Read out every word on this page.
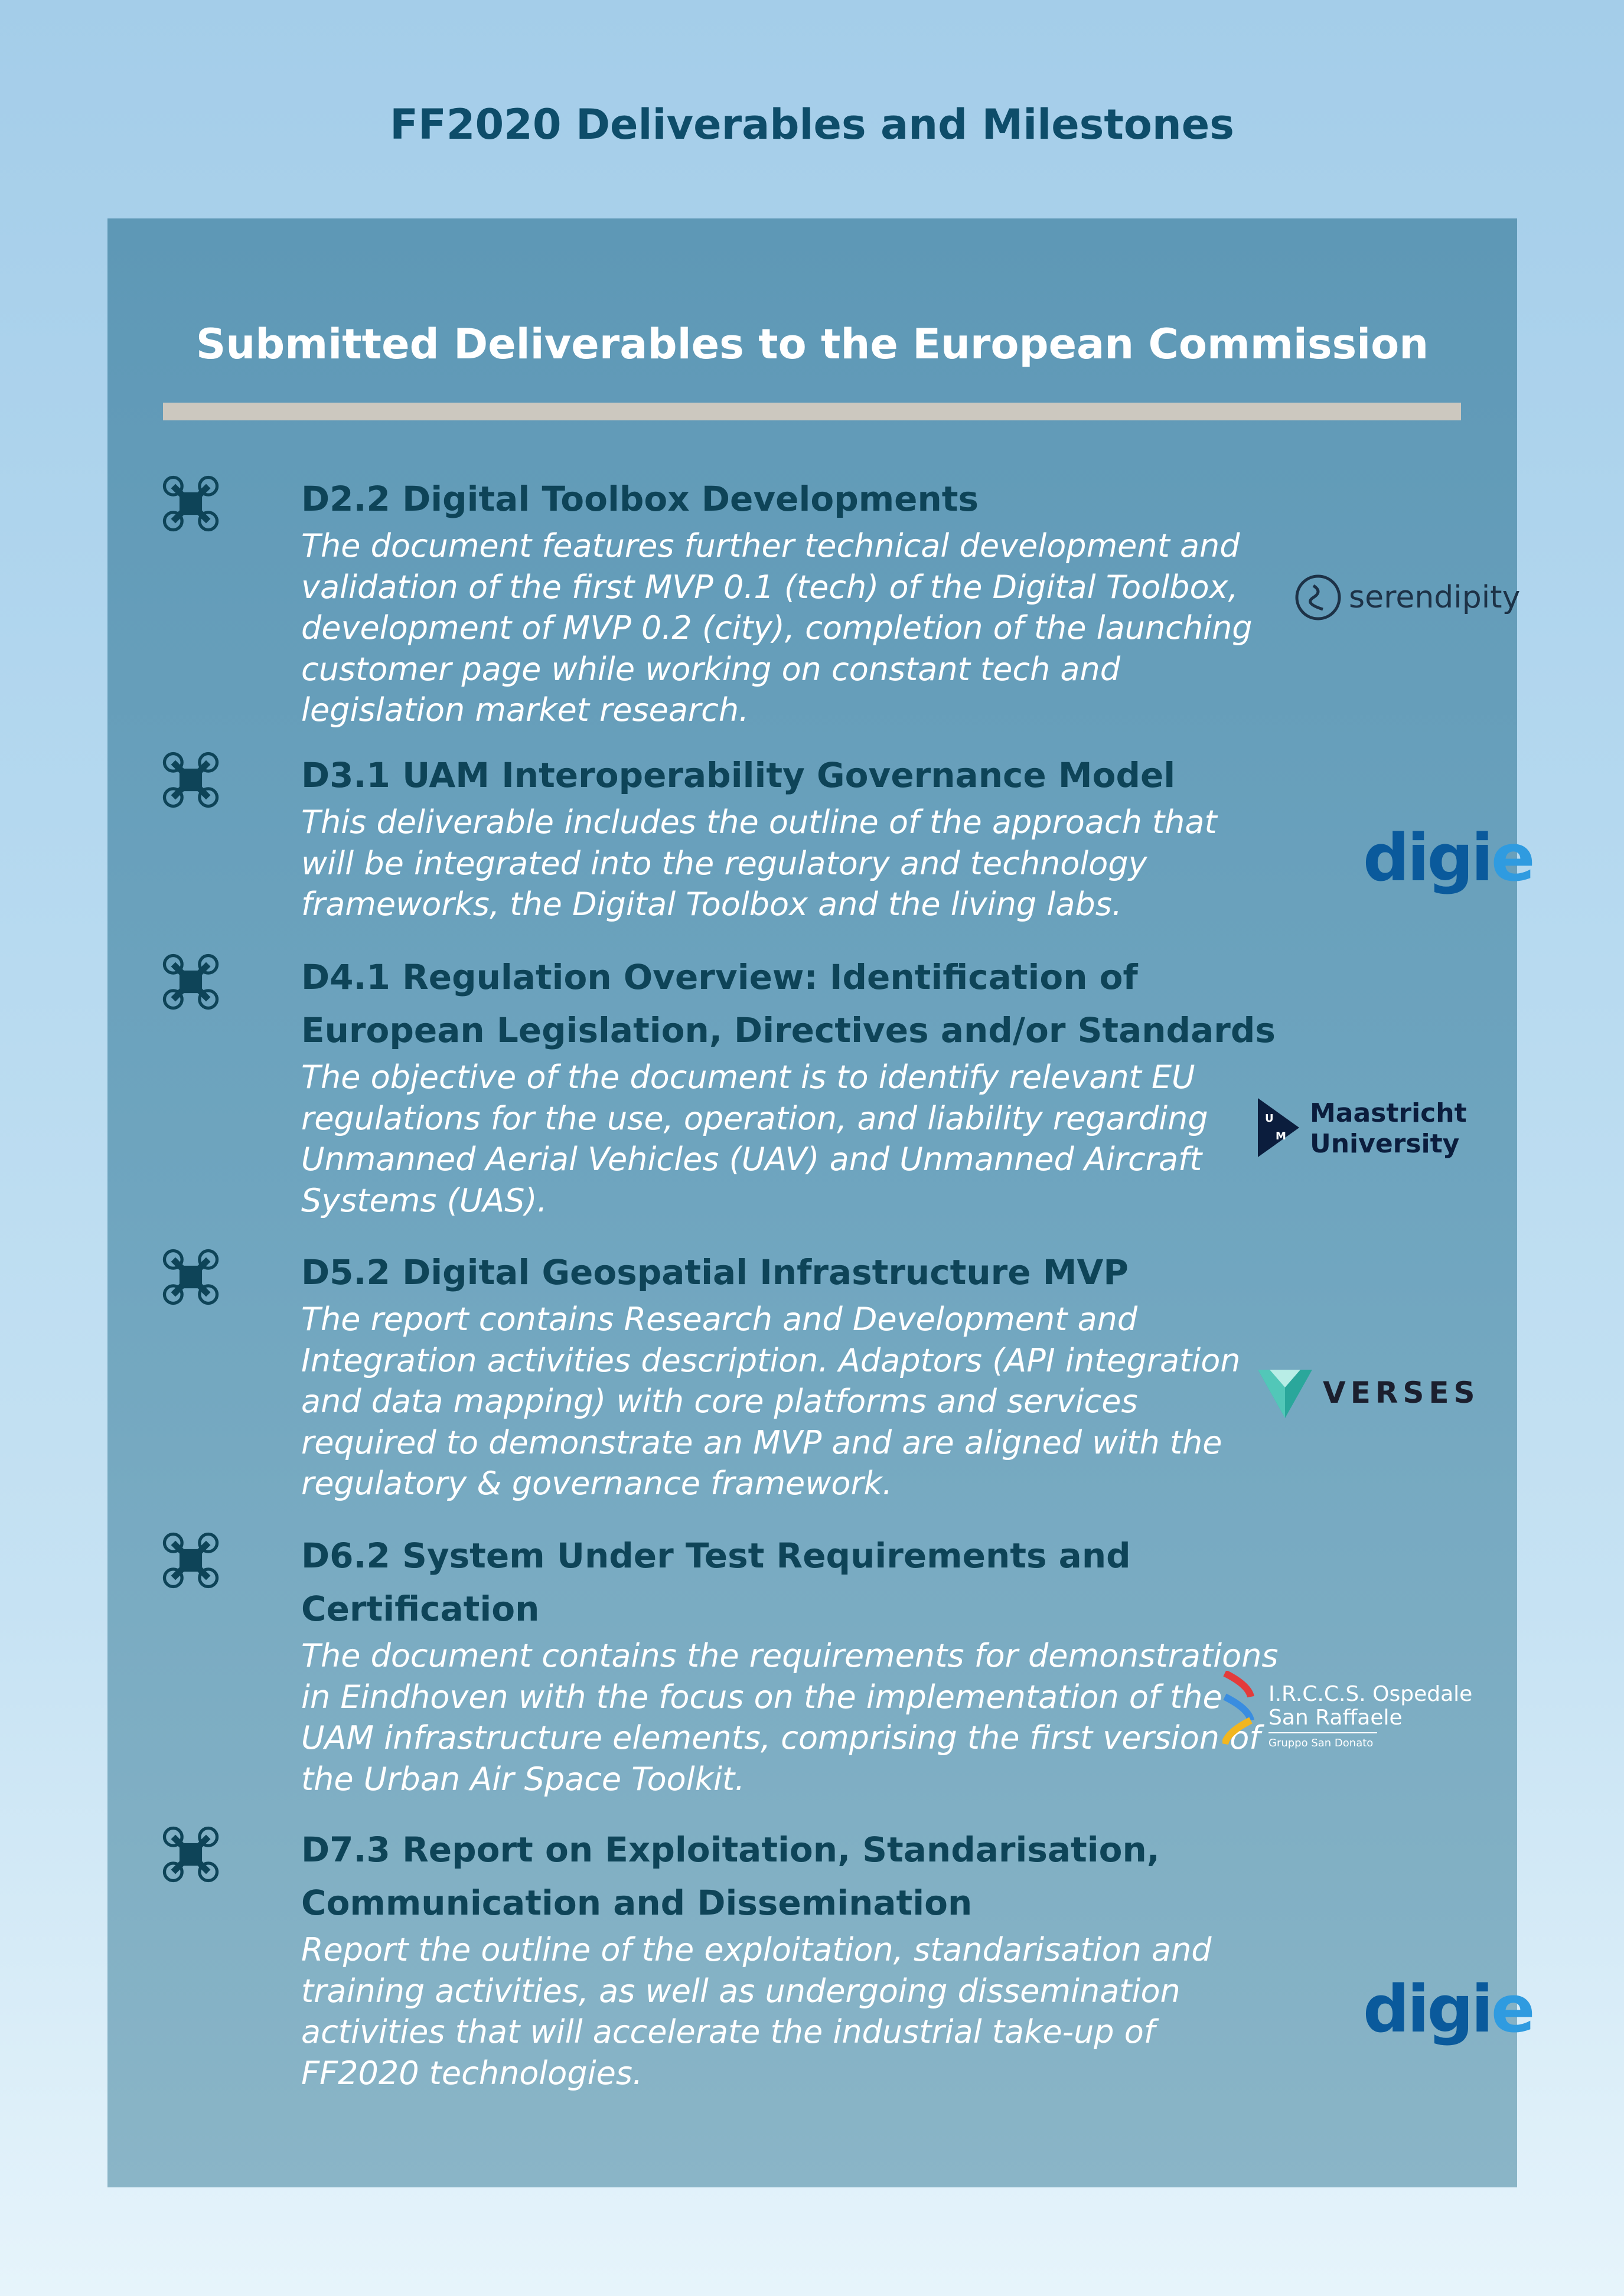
FF2020 Deliverables and Milestones
Submitted Deliverables to the European Commission

D2.2 Digital Toolbox Developments

The document features further technical development and

validation of the first MVP 0.1 (tech) of the Digital Toolbox,

development of MVP 0.2 (city), completion of the launching

customer page while working on constant tech and

legislation market research.

serendipity

D3.1 UAM Interoperability Governance Model

This deliverable includes the outline of the approach that

will be integrated into the regulatory and technology

frameworks, the Digital Toolbox and the living labs.

digie

D4.1 Regulation Overview: Identification of

European Legislation, Directives and/or Standards

The objective of the document is to identify relevant EU

regulations for the use, operation, and liability regarding

Unmanned Aerial Vehicles (UAV) and Unmanned Aircraft

Systems (UAS).

U
M
Maastricht
University

D5.2 Digital Geospatial Infrastructure MVP

The report contains Research and Development and

Integration activities description. Adaptors (API integration

and data mapping) with core platforms and services

required to demonstrate an MVP and are aligned with the

regulatory & governance framework.

VERSES

D6.2 System Under Test Requirements and

Certification

The document contains the requirements for demonstrations

in Eindhoven with the focus on the implementation of the

UAM infrastructure elements, comprising the first version of

the Urban Air Space Toolkit.

I.R.C.C.S. Ospedale
San Raffaele
Gruppo San Donato

D7.3 Report on Exploitation, Standarisation,

Communication and Dissemination

Report the outline of the exploitation, standarisation and

training activities, as well as undergoing dissemination

activities that will accelerate the industrial take-up of

FF2020 technologies.

digie
